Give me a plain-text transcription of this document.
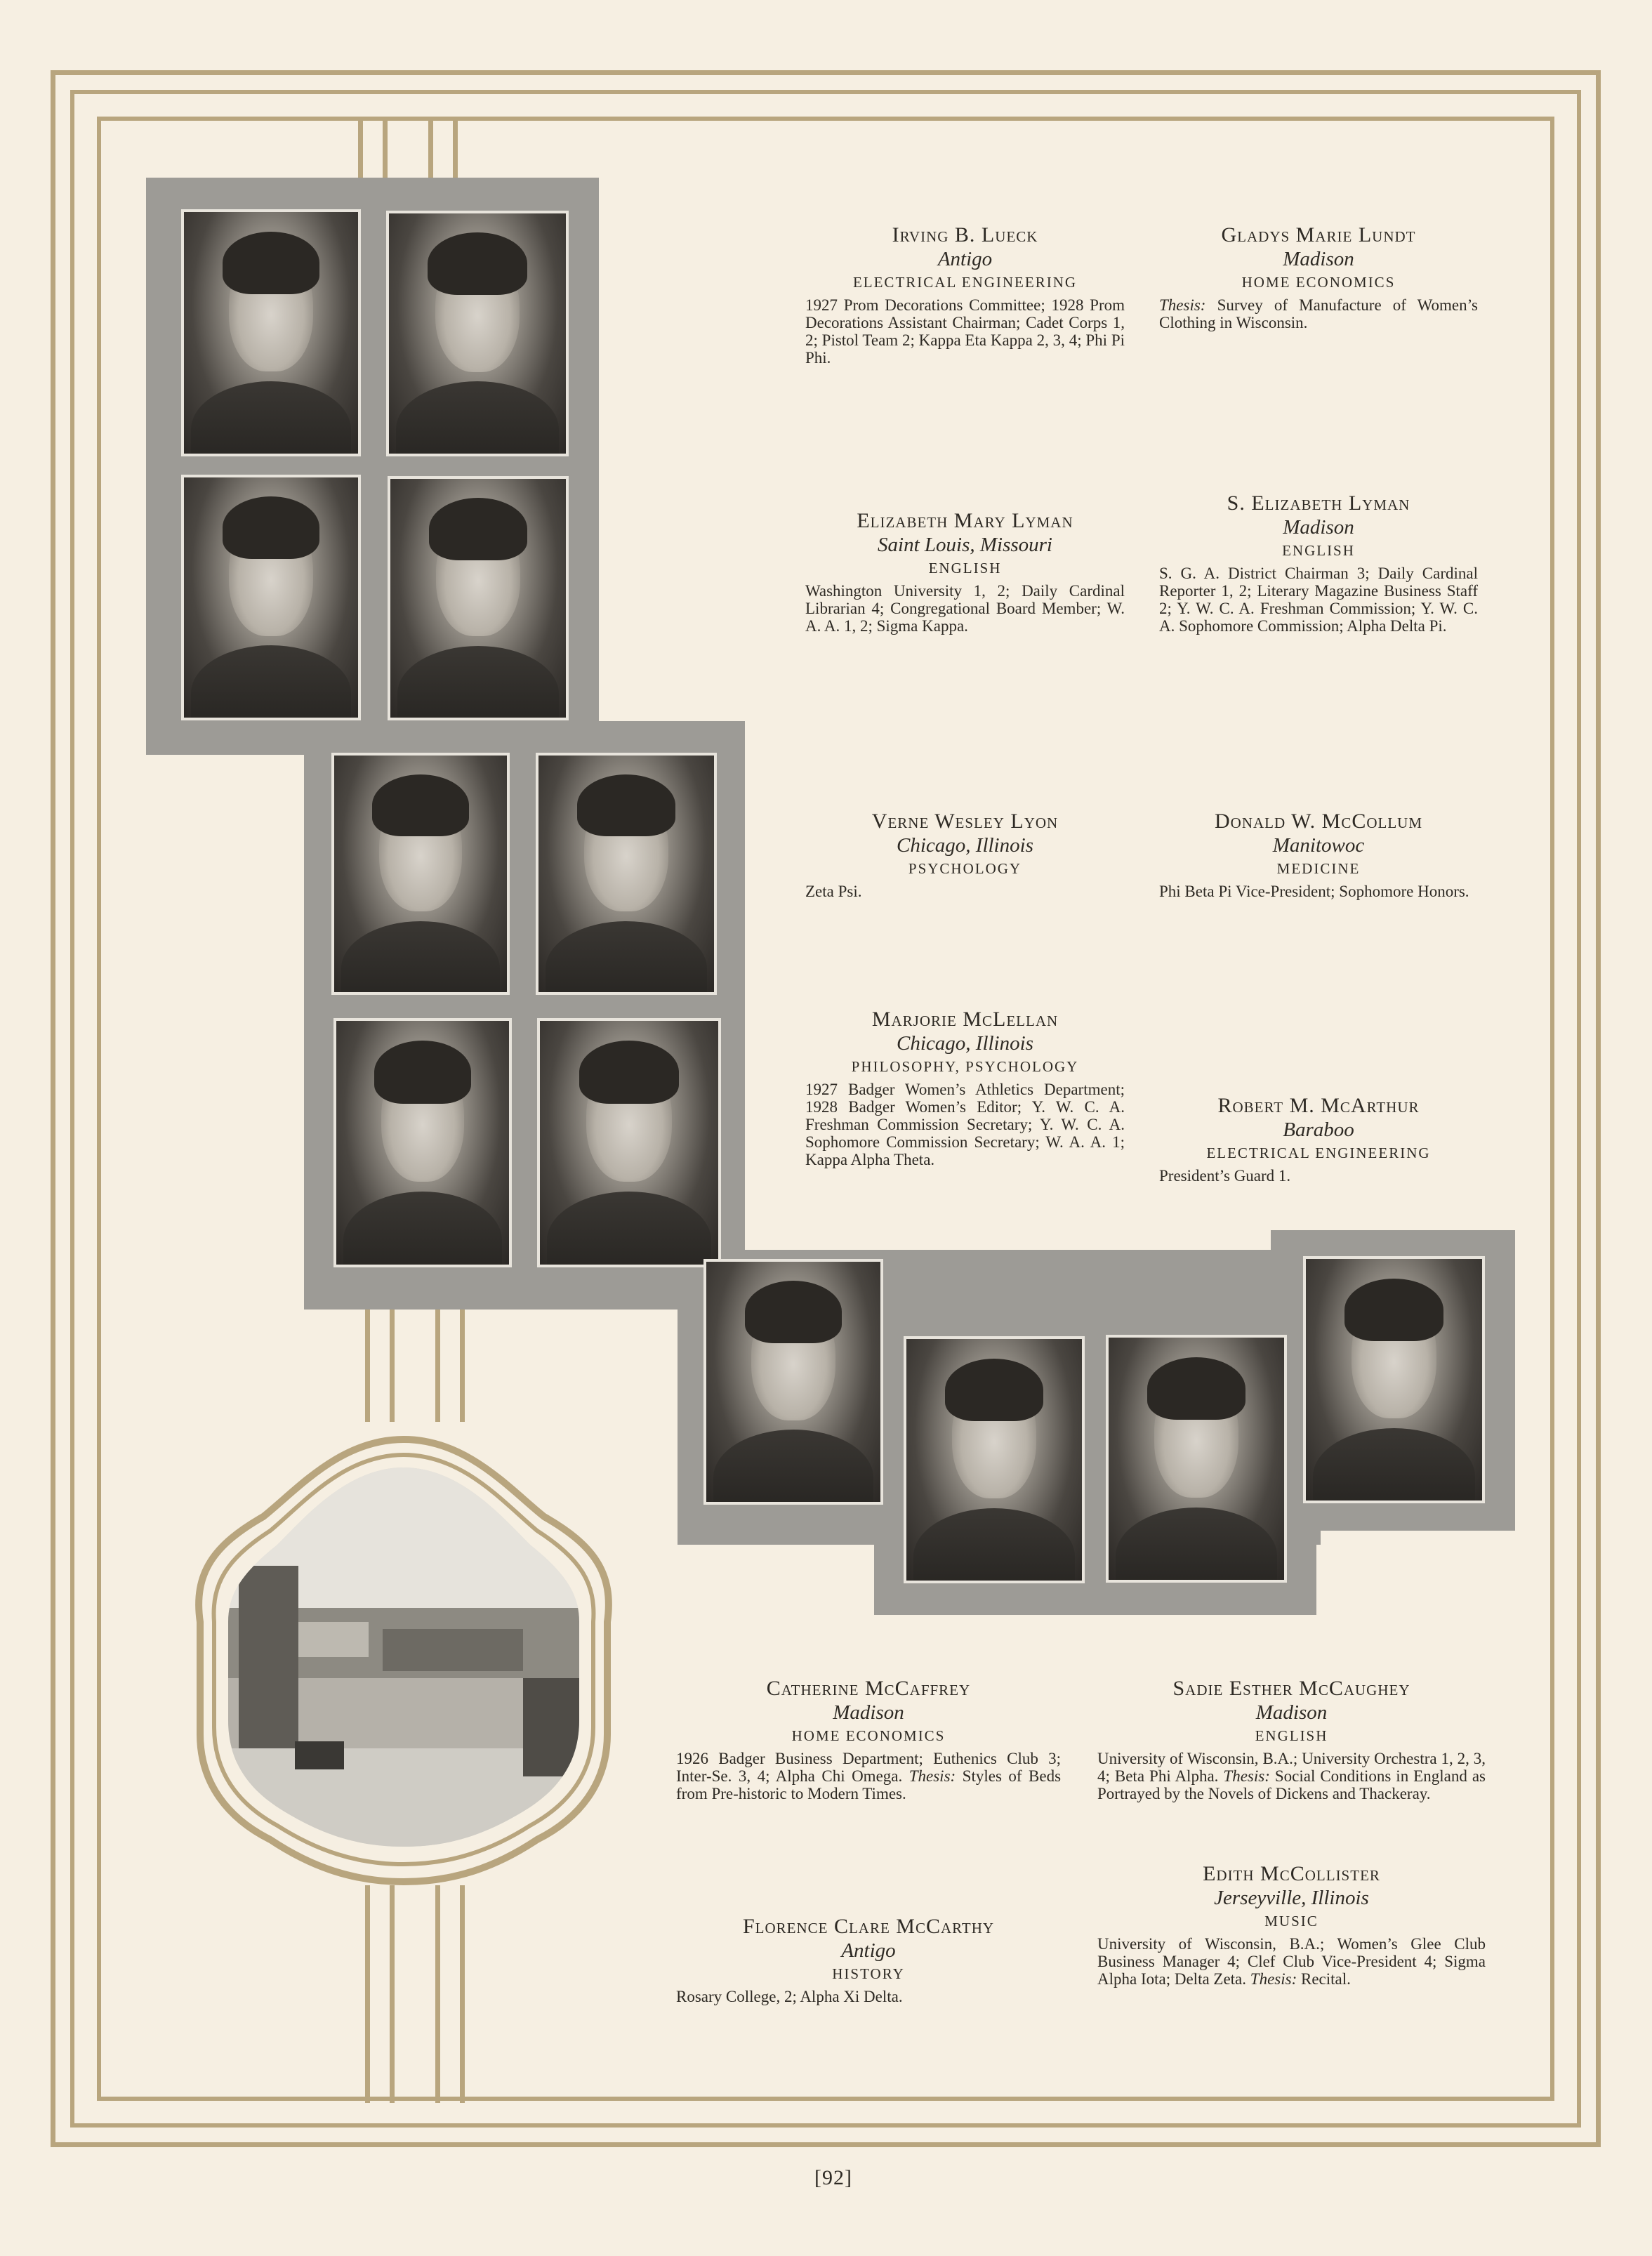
Irving B. Lueck
Antigo
ELECTRICAL ENGINEERING
1927 Prom Decorations Committee; 1928 Prom Decorations Assistant Chairman; Cadet Corps 1, 2; Pistol Team 2; Kappa Eta Kappa 2, 3, 4; Phi Pi Phi.
Gladys Marie Lundt
Madison
HOME ECONOMICS
Thesis: Survey of Manufacture of Women’s Clothing in Wisconsin.
Elizabeth Mary Lyman
Saint Louis, Missouri
ENGLISH
Washington University 1, 2; Daily Cardinal Librarian 4; Congregational Board Member; W. A. A. 1, 2; Sigma Kappa.
S. Elizabeth Lyman
Madison
ENGLISH
S. G. A. District Chairman 3; Daily Cardinal Reporter 1, 2; Literary Magazine Business Staff 2; Y. W. C. A. Freshman Commission; Y. W. C. A. Sophomore Commission; Alpha Delta Pi.
Verne Wesley Lyon
Chicago, Illinois
PSYCHOLOGY
Zeta Psi.
Donald W. McCollum
Manitowoc
MEDICINE
Phi Beta Pi Vice-President; Sophomore Honors.
Marjorie McLellan
Chicago, Illinois
PHILOSOPHY, PSYCHOLOGY
1927 Badger Women’s Athletics Department; 1928 Badger Women’s Editor; Y. W. C. A. Freshman Commission Secretary; Y. W. C. A. Sophomore Commission Secretary; W. A. A. 1; Kappa Alpha Theta.
Robert M. McArthur
Baraboo
ELECTRICAL ENGINEERING
President’s Guard 1.
Catherine McCaffrey
Madison
HOME ECONOMICS
1926 Badger Business Department; Euthenics Club 3; Inter-Se. 3, 4; Alpha Chi Omega. Thesis: Styles of Beds from Pre-historic to Modern Times.
Sadie Esther McCaughey
Madison
ENGLISH
University of Wisconsin, B.A.; University Orchestra 1, 2, 3, 4; Beta Phi Alpha. Thesis: Social Conditions in England as Portrayed by the Novels of Dickens and Thackeray.
Florence Clare McCarthy
Antigo
HISTORY
Rosary College, 2; Alpha Xi Delta.
Edith McCollister
Jerseyville, Illinois
MUSIC
University of Wisconsin, B.A.; Women’s Glee Club Business Manager 4; Clef Club Vice-President 4; Sigma Alpha Iota; Delta Zeta. Thesis: Recital.
[92]
